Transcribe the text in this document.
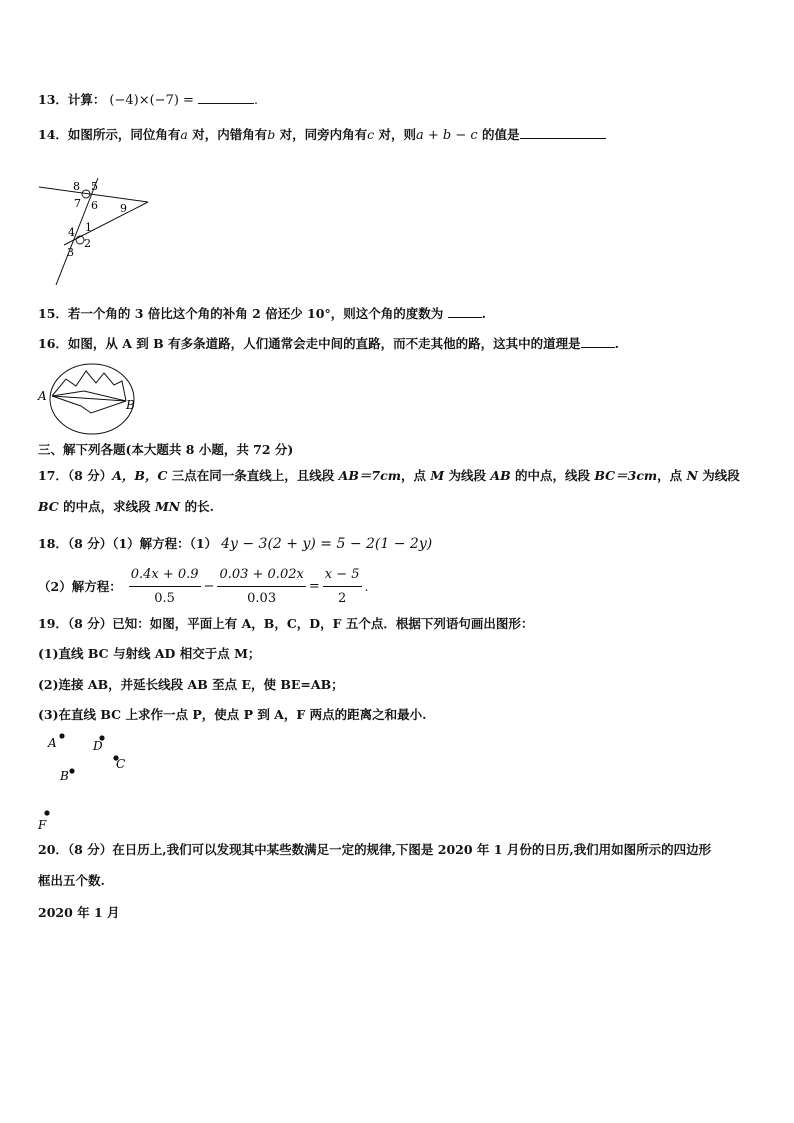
13．计算： (−4)×(−7) =	.
14．如图所示，同位角有a 对，内错角有b 对，同旁内角有c 对，则a + b − c 的值是
8 5
7 6 9
4 1
3
2
15．若一个角的 3 倍比这个角的补角 2 倍还少 10°，则这个角的度数为	.
16．如图，从 A 到 B 有多条道路，人们通常会走中间的直路，而不走其他的路，这其中的道理是	.
A
B
三、解下列各题(本大题共 8 小题，共 72 分)
17．（8 分）A，B，C 三点在同一条直线上，且线段 AB＝7cm，点 M 为线段 AB 的中点，线段 BC＝3cm，点 N 为线段
BC 的中点，求线段 MN 的长.
18．（8 分）（1）解方程：（1） 4y − 3(2 + y) = 5 − 2(1 − 2y)
（2）解方程： $\frac{0.4x + 0.9}{0.5} - \frac{0.03 + 0.02x}{0.03} = \frac{x - 5}{2}$ .
19．（8 分）已知：如图，平面上有 A，B，C，D，F 五个点．根据下列语句画出图形：
(1)直线 BC 与射线 AD 相交于点 M；
(2)连接 AB，并延长线段 AB 至点 E，使 BE=AB；
(3)在直线 BC 上求作一点 P，使点 P 到 A，F 两点的距离之和最小.
A	D
C
B
F
20．（8 分）在日历上,我们可以发现其中某些数满足一定的规律,下图是 2020 年 1 月份的日历,我们用如图所示的四边形
框出五个数.
2020 年 1 月
